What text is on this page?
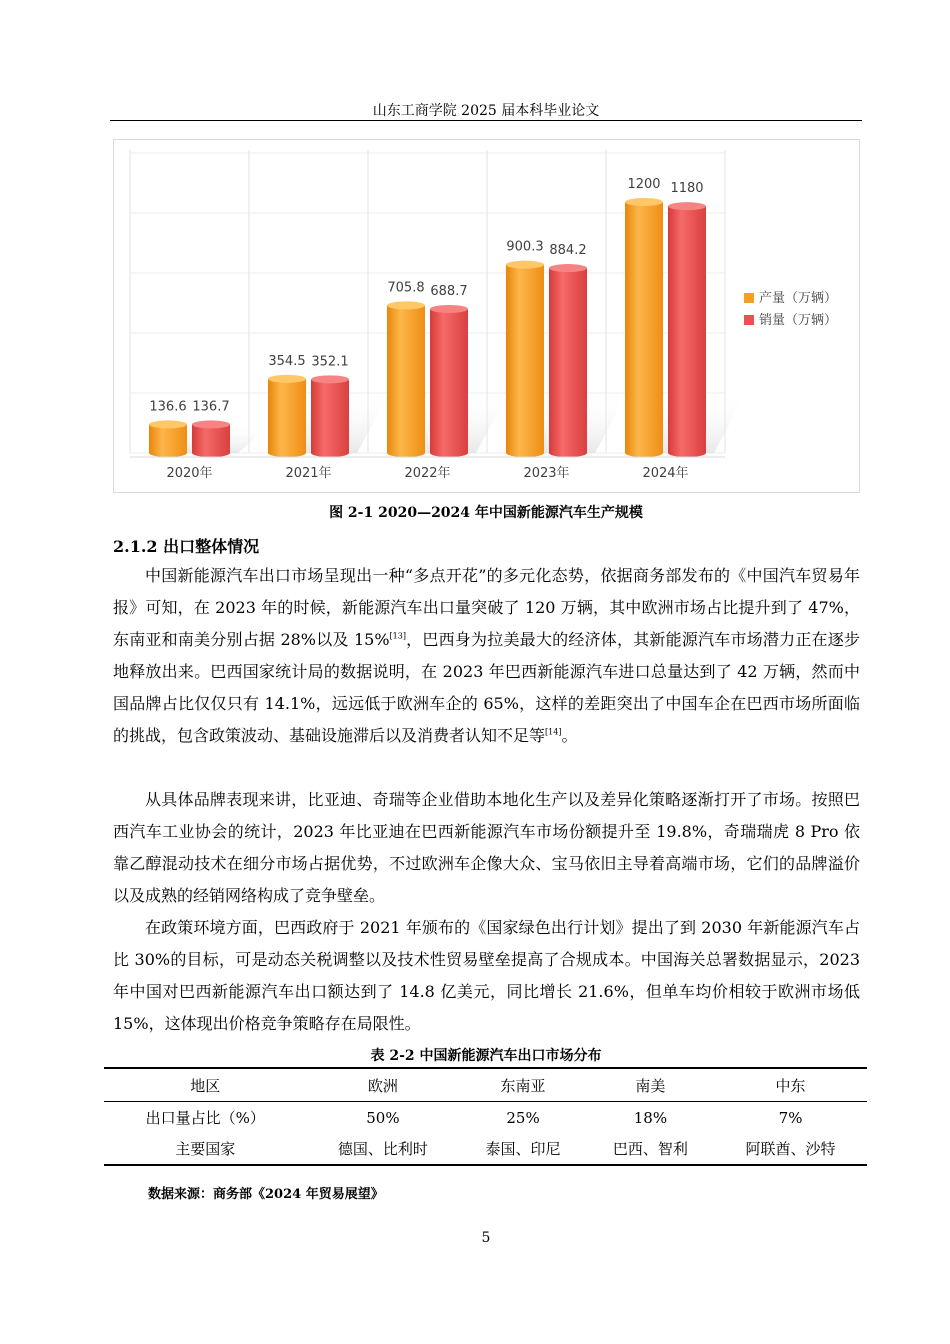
山东工商学院 2025 届本科毕业论文
136.6 136.7
354.5 352.1
705.8 688.7
900.3 884.2
1200 1180
2020年	2021年	2022年	2023年	2024年
产量（万辆）
销量（万辆）
图 2-1 2020—2024 年中国新能源汽车生产规模
2.1.2 出口整体情况

中国新能源汽车出口市场呈现出一种“多点开花”的多元化态势，依据商务部发布的《中国汽车贸易年报》可知，在 2023 年的时候，新能源汽车出口量突破了 120 万辆，其中欧洲市场占比提升到了 47%，东南亚和南美分别占据 28%以及 15%[13]，巴西身为拉美最大的经济体，其新能源汽车市场潜力正在逐步地释放出来。巴西国家统计局的数据说明，在 2023 年巴西新能源汽车进口总量达到了 42 万辆，然而中国品牌占比仅仅只有 14.1%，远远低于欧洲车企的 65%，这样的差距突出了中国车企在巴西市场所面临的挑战，包含政策波动、基础设施滞后以及消费者认知不足等[14]。

从具体品牌表现来讲，比亚迪、奇瑞等企业借助本地化生产以及差异化策略逐渐打开了市场。按照巴西汽车工业协会的统计，2023 年比亚迪在巴西新能源汽车市场份额提升至 19.8%，奇瑞瑞虎 8 Pro 依靠乙醇混动技术在细分市场占据优势，不过欧洲车企像大众、宝马依旧主导着高端市场，它们的品牌溢价以及成熟的经销网络构成了竞争壁垒。

在政策环境方面，巴西政府于 2021 年颁布的《国家绿色出行计划》提出了到 2030 年新能源汽车占比 30%的目标，可是动态关税调整以及技术性贸易壁垒提高了合规成本。中国海关总署数据显示，2023 年中国对巴西新能源汽车出口额达到了 14.8 亿美元，同比增长 21.6%，但单车均价相较于欧洲市场低 15%，这体现出价格竞争策略存在局限性。

表 2-2 中国新能源汽车出口市场分布
地区	欧洲	东南亚	南美	中东
出口量占比（%）	50%	25%	18%	7%
主要国家	德国、比利时	泰国、印尼	巴西、智利	阿联酋、沙特
数据来源：商务部《2024 年贸易展望》
5
